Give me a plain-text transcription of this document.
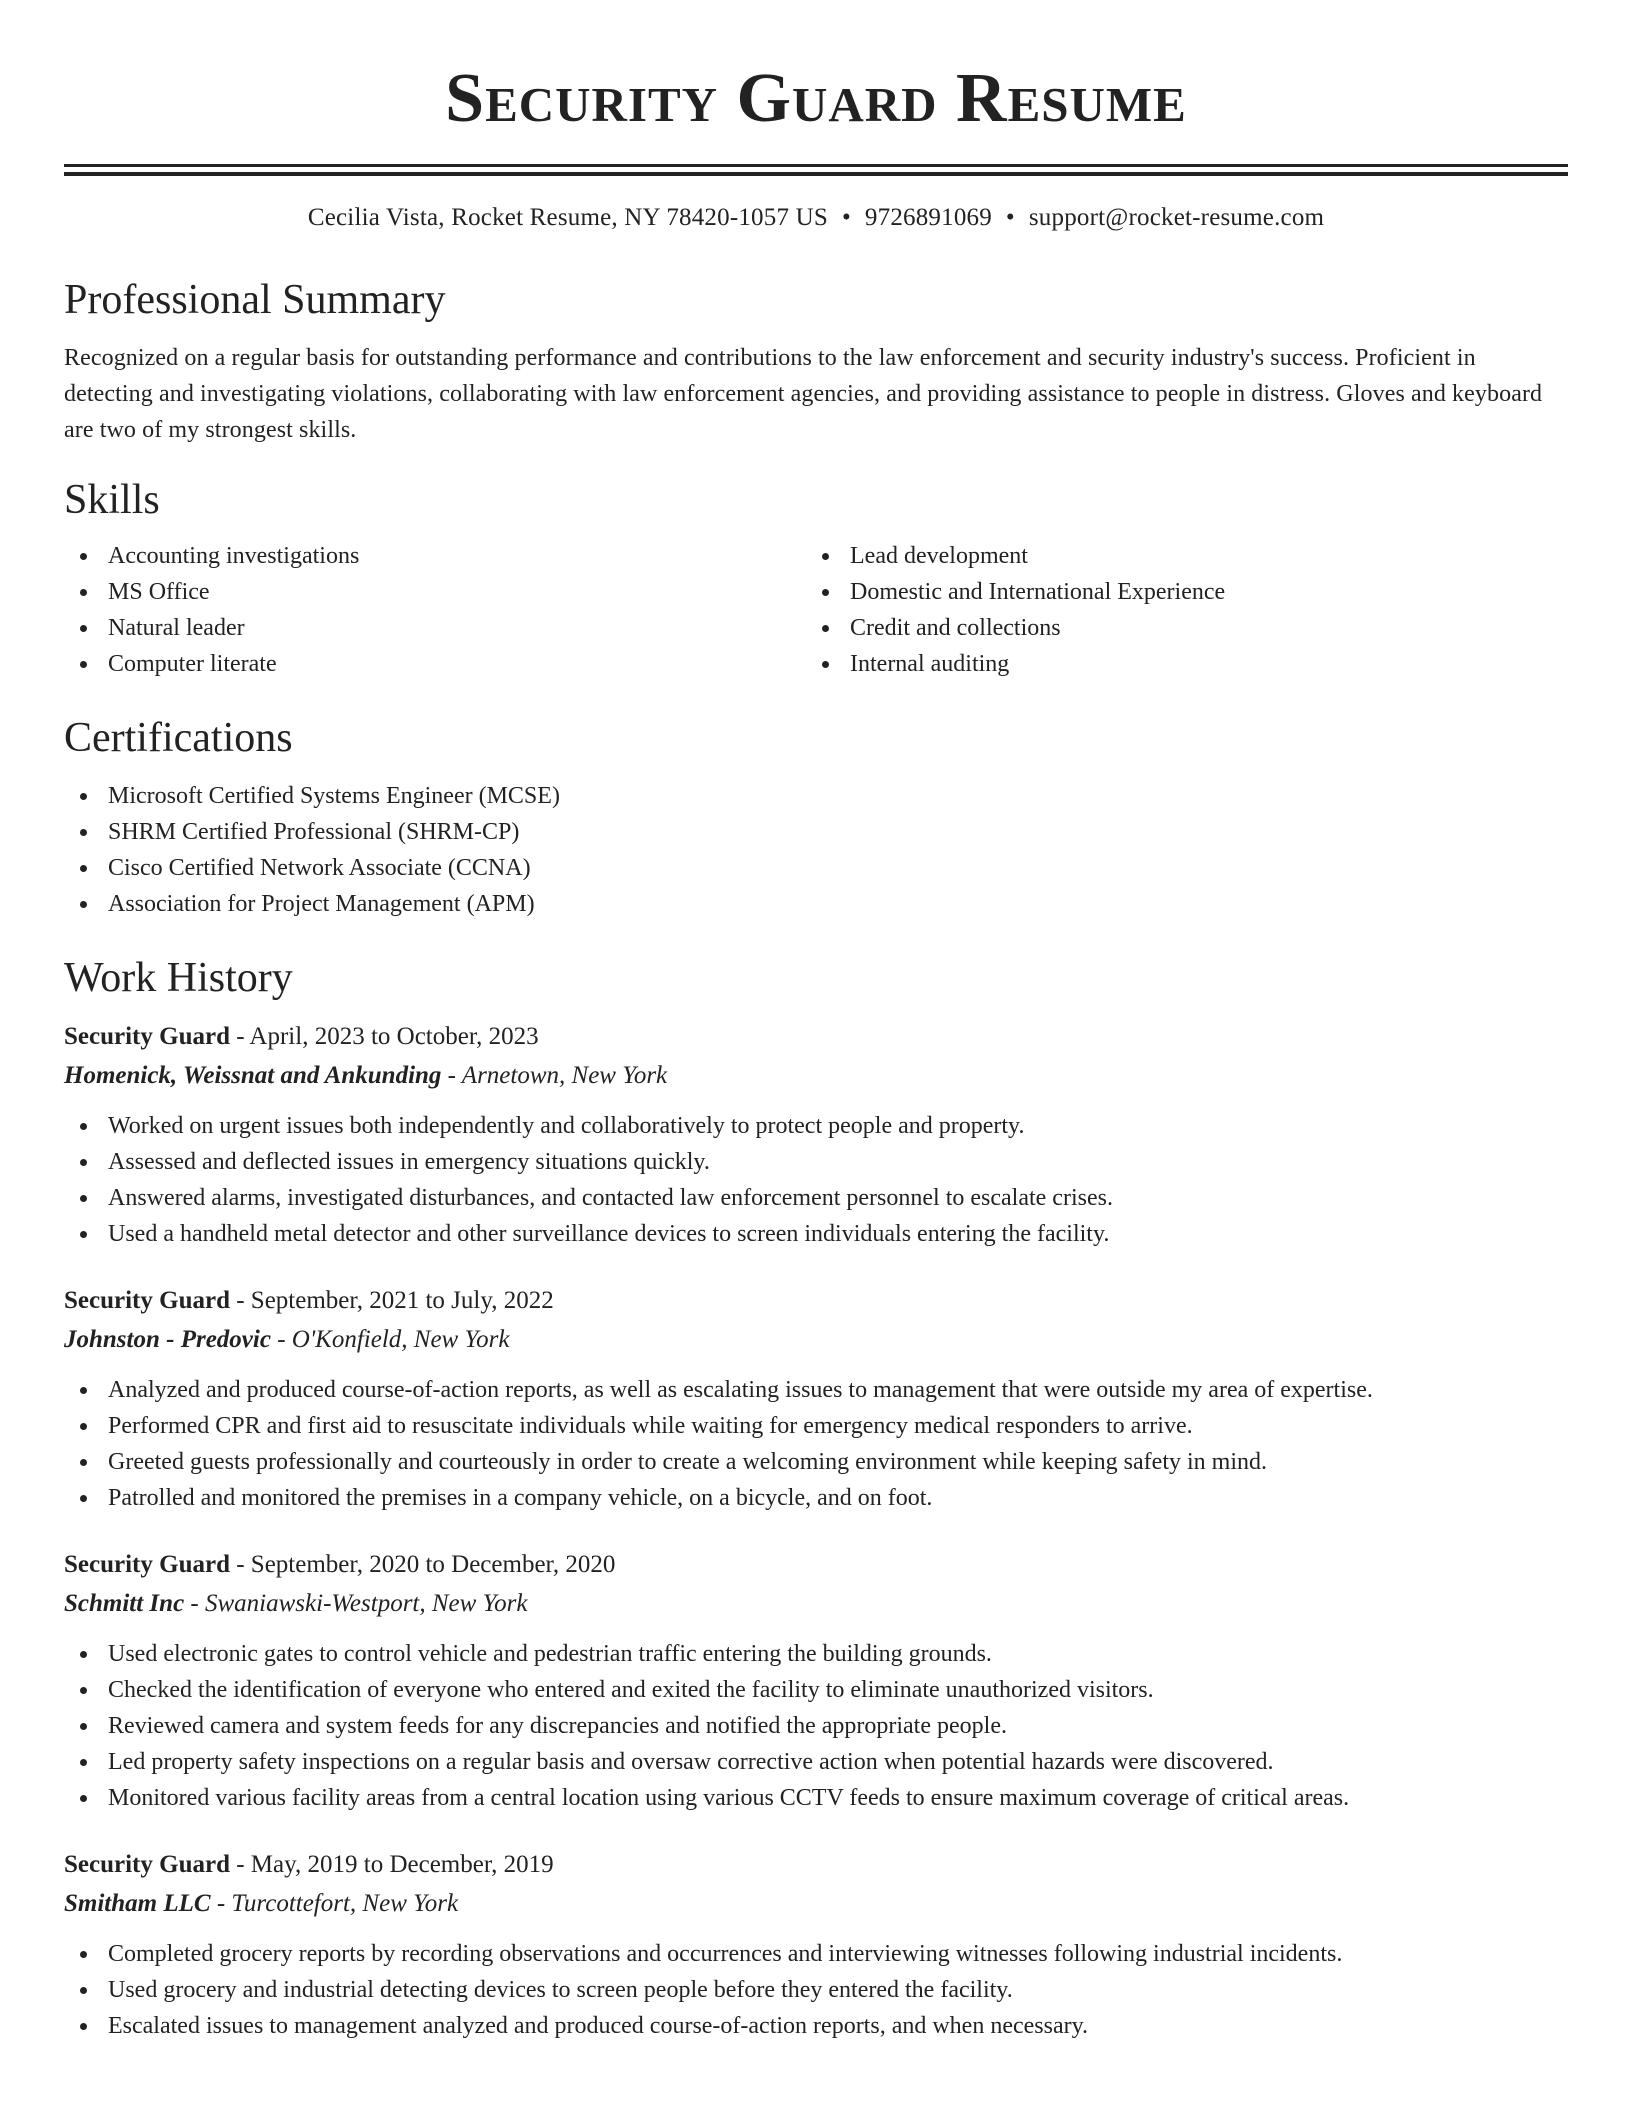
Security Guard Resume
Cecilia Vista, Rocket Resume, NY 78420-1057 US • 9726891069 • support@rocket-resume.com
Professional Summary
Recognized on a regular basis for outstanding performance and contributions to the law enforcement and security industry's success. Proficient in detecting and investigating violations, collaborating with law enforcement agencies, and providing assistance to people in distress. Gloves and keyboard are two of my strongest skills.
Skills
Accounting investigations
MS Office
Natural leader
Computer literate
Lead development
Domestic and International Experience
Credit and collections
Internal auditing
Certifications
Microsoft Certified Systems Engineer (MCSE)
SHRM Certified Professional (SHRM-CP)
Cisco Certified Network Associate (CCNA)
Association for Project Management (APM)
Work History
Security Guard - April, 2023 to October, 2023
Homenick, Weissnat and Ankunding - Arnetown, New York
Worked on urgent issues both independently and collaboratively to protect people and property.
Assessed and deflected issues in emergency situations quickly.
Answered alarms, investigated disturbances, and contacted law enforcement personnel to escalate crises.
Used a handheld metal detector and other surveillance devices to screen individuals entering the facility.
Security Guard - September, 2021 to July, 2022
Johnston - Predovic - O'Konfield, New York
Analyzed and produced course-of-action reports, as well as escalating issues to management that were outside my area of expertise.
Performed CPR and first aid to resuscitate individuals while waiting for emergency medical responders to arrive.
Greeted guests professionally and courteously in order to create a welcoming environment while keeping safety in mind.
Patrolled and monitored the premises in a company vehicle, on a bicycle, and on foot.
Security Guard - September, 2020 to December, 2020
Schmitt Inc - Swaniawski-Westport, New York
Used electronic gates to control vehicle and pedestrian traffic entering the building grounds.
Checked the identification of everyone who entered and exited the facility to eliminate unauthorized visitors.
Reviewed camera and system feeds for any discrepancies and notified the appropriate people.
Led property safety inspections on a regular basis and oversaw corrective action when potential hazards were discovered.
Monitored various facility areas from a central location using various CCTV feeds to ensure maximum coverage of critical areas.
Security Guard - May, 2019 to December, 2019
Smitham LLC - Turcottefort, New York
Completed grocery reports by recording observations and occurrences and interviewing witnesses following industrial incidents.
Used grocery and industrial detecting devices to screen people before they entered the facility.
Escalated issues to management analyzed and produced course-of-action reports, and when necessary.
